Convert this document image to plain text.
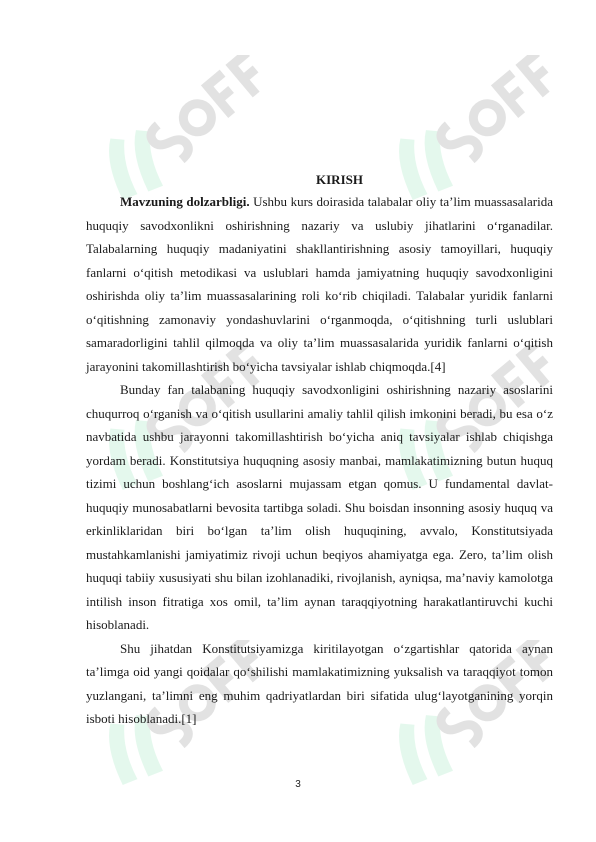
KIRISH

Mavzuning dolzarbligi. Ushbu kurs doirasida talabalar oliy ta’lim muassasalarida huquqiy savodxonlikni oshirishning nazariy va uslubiy jihatlarini o‘rganadilar. Talabalarning huquqiy madaniyatini shakllantirishning asosiy tamoyillari, huquqiy fanlarni o‘qitish metodikasi va uslublari hamda jamiyatning huquqiy savodxonligini oshirishda oliy ta’lim muassasalarining roli ko‘rib chiqiladi. Talabalar yuridik fanlarni o‘qitishning zamonaviy yondashuvlarini o‘rganmoqda, o‘qitishning turli uslublari samaradorligini tahlil qilmoqda va oliy ta’lim muassasalarida yuridik fanlarni o‘qitish jarayonini takomillashtirish bo‘yicha tavsiyalar ishlab chiqmoqda.[4]

Bunday fan talabaning huquqiy savodxonligini oshirishning nazariy asoslarini chuqurroq o‘rganish va o‘qitish usullarini amaliy tahlil qilish imkonini beradi, bu esa o‘z navbatida ushbu jarayonni takomillashtirish bo‘yicha aniq tavsiyalar ishlab chiqishga yordam beradi. Konstitutsiya huquqning asosiy manbai, mamlakatimizning butun huquq tizimi uchun boshlang‘ich asoslarni mujassam etgan qomus. U fundamental davlat-huquqiy munosabatlarni bevosita tartibga soladi. Shu boisdan insonning asosiy huquq va erkinliklaridan biri bo‘lgan ta’lim olish huquqining, avvalo, Konstitutsiyada mustahkamlanishi jamiyatimiz rivoji uchun beqiyos ahamiyatga ega. Zero, ta’lim olish huquqi tabiiy xususiyati shu bilan izohlanadiki, rivojlanish, ayniqsa, ma’naviy kamolotga intilish inson fitratiga xos omil, ta’lim aynan taraqqiyotning harakatlantiruvchi kuchi hisoblanadi.

Shu jihatdan Konstitutsiyamizga kiritilayotgan o‘zgartishlar qatorida aynan ta’limga oid yangi qoidalar qo‘shilishi mamlakatimizning yuksalish va taraqqiyot tomon yuzlangani, ta’limni eng muhim qadriyatlardan biri sifatida ulug‘layotganining yorqin isboti hisoblanadi.[1]

3
